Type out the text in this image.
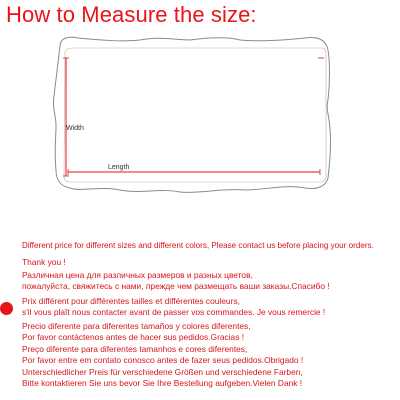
How to Measure the size:
Width
Length
Different price for different sizes and different colors, Please contact us before placing your orders.
Thank you !
Различная цена для различных размеров и разных цветов,
пожалуйста, свяжитесь с нами, прежде чем размещать ваши заказы.Спасибо !
Prix différent pour différentes tailles et différentes couleurs,
s'il vous plaît nous contacter avant de passer vos commandes. Je vous remercie !
Precio diferente para diferentes tamaños y colores diferentes,
Por favor contáctenos antes de hacer sus pedidos.Gracias !
Preço diferente para diferentes tamanhos e cores diferentes,
Por favor entre em contato conosco antes de fazer seus pedidos.Obrigado !
Unterschiedlicher Preis für verschiedene Größen und verschiedene Farben,
Bitte kontaktieren Sie uns bevor Sie Ihre Bestellung aufgeben.Vielen Dank !
